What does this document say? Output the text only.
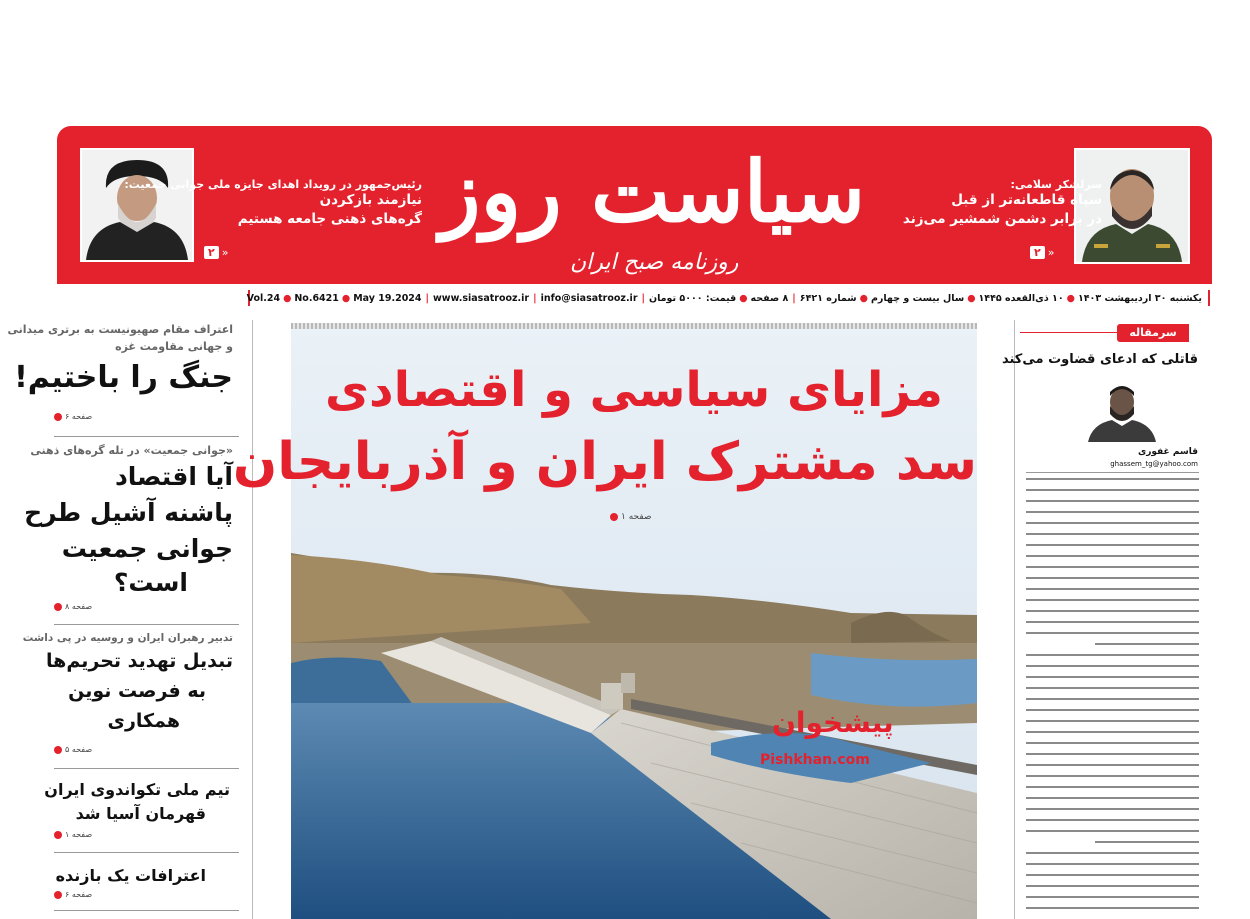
سرلشکر سلامی:
سپاه قاطعانه‌تر از قبل
در برابر دشمن شمشیر می‌زند
۲ »
سیاست روز
روزنامه صبح ایران
رئیس‌جمهور در رویداد اهدای جایزه ملی جوانی جمعیت:
نیازمند بازکردن
گره‌های ذهنی جامعه هستیم
۲ »
یکشنبه ۳۰ اردیبهشت ۱۴۰۳
●
۱۰ ذی‌القعده ۱۴۴۵
●
سال بیست و چهارم
●
شماره ۶۴۲۱
|
۸ صفحه
●
قیمت: ۵۰۰۰ تومان
|
info@siasatrooz.ir
|
www.siasatrooz.ir
|
May 19.2024
●
No.6421
●
Vol.24
اعتراف مقام صهیونیست به برتری میدانی
و جهانی مقاومت غزه
جنگ را باختیم!
صفحه ۶
«جوانی جمعیت» در تله گره‌های ذهنی
آیا اقتصاد
پاشنه آشیل طرح
جوانی جمعیت
است؟
صفحه ۸
تدبیر رهبران ایران و روسیه در پی داشت
تبدیل تهدید تحریم‌ها
به فرصت نوین
همکاری
صفحه ۵
تیم ملی تکواندوی ایران
قهرمان آسیا شد
صفحه ۱
اعترافات یک بازنده
صفحه ۶
مزایای سیاسی و اقتصادی
سد مشترک ایران و آذربایجان
صفحه ۱
پیشخوان
Pishkhan.com
سرمقاله
قاتلی که ادعای قضاوت می‌کند
قاسم غفوری
ghassem_tg@yahoo.com
